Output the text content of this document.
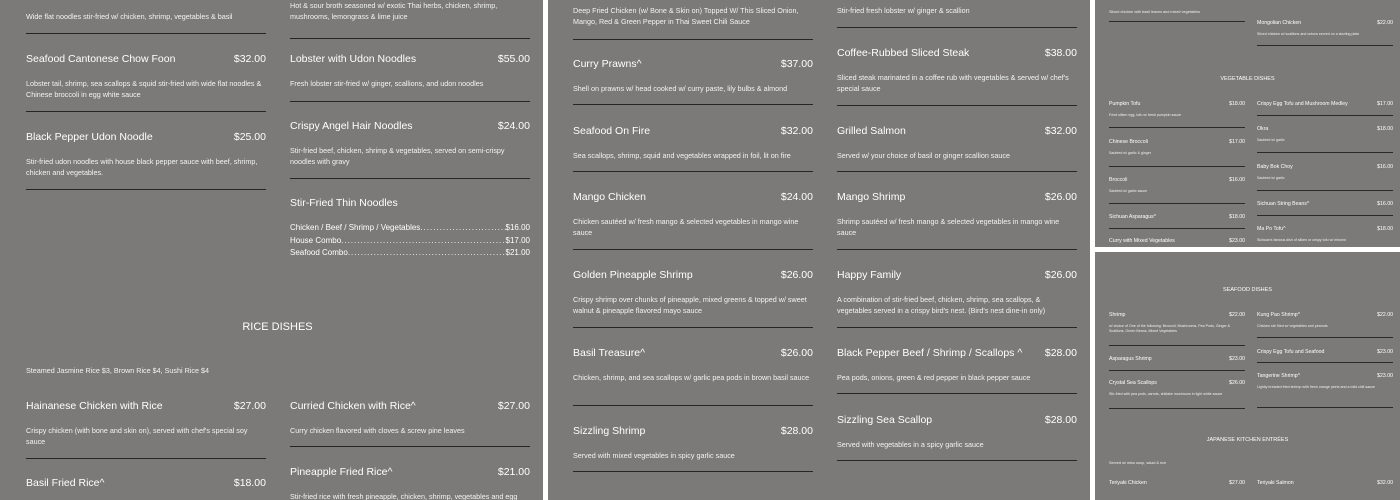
Wide flat noodles stir-fried w/ chicken, shrimp, vegetables & basil
Hot & sour broth seasoned w/ exotic Thai herbs, chicken, shrimp, mushrooms, lemongrass & lime juice
Seafood Cantonese Chow Foon	$32.00
Lobster tail, shrimp, sea scallops & squid stir-fried with wide flat noodles & Chinese broccoli in egg white sauce
Black Pepper Udon Noodle	$25.00
Stir-fried udon noodles with house black pepper sauce with beef, shrimp, chicken and vegetables.
Lobster with Udon Noodles	$55.00
Fresh lobster stir-fried w/ ginger, scallions, and udon noodles
Crispy Angel Hair Noodles	$24.00
Stir-fried beef, chicken, shrimp & vegetables, served on semi-crispy noodles with gravy
Stir-Fried Thin Noodles
Chicken / Beef / Shrimp / Vegetables .....	$16.00
House Combo .....	$17.00
Seafood Combo .....	$21.00
RICE DISHES
Steamed Jasmine Rice $3, Brown Rice $4, Sushi Rice $4
Hainanese Chicken with Rice	$27.00
Crispy chicken (with bone and skin on), served with chef's special soy sauce
Basil Fried Rice^	$18.00
Curried Chicken with Rice^	$27.00
Curry chicken flavored with cloves & screw pine leaves
Pineapple Fried Rice^	$21.00
Stir-fried rice with fresh pineapple, chicken, shrimp, vegetables and egg
Deep Fried Chicken (w/ Bone & Skin on) Topped W/ This Sliced Onion, Mango, Red & Green Pepper in Thai Sweet Chili Sauce
Stir-fried fresh lobster w/ ginger & scallion
Curry Prawns^	$37.00
Shell on prawns w/ head cooked w/ curry paste, lily bulbs & almond
Seafood On Fire	$32.00
Sea scallops, shrimp, squid and vegetables wrapped in foil, lit on fire
Mango Chicken	$24.00
Chicken sautéed w/ fresh mango & selected vegetables in mango wine sauce
Golden Pineapple Shrimp	$26.00
Crispy shrimp over chunks of pineapple, mixed greens & topped w/ sweet walnut & pineapple flavored mayo sauce
Basil Treasure^	$26.00
Chicken, shrimp, and sea scallops w/ garlic pea pods in brown basil sauce
Sizzling Shrimp	$28.00
Served with mixed vegetables in spicy garlic sauce
Coffee-Rubbed Sliced Steak	$38.00
Sliced steak marinated in a coffee rub with vegetables & served w/ chef's special sauce
Grilled Salmon	$32.00
Served w/ your choice of basil or ginger scallion sauce
Mango Shrimp	$26.00
Shrimp sautéed w/ fresh mango & selected vegetables in mango wine sauce
Happy Family	$26.00
A combination of stir-fried beef, chicken, shrimp, sea scallops, & vegetables served in a crispy bird's nest. (Bird's nest dine-in only)
Black Pepper Beef / Shrimp / Scallops ^ $28.00
Pea pods, onions, green & red pepper in black pepper sauce
Sizzling Sea Scallop	$28.00
Served with vegetables in a spicy garlic sauce
Sliced chicken with basil leaves and mixed vegetables
Mongolian Chicken	$22.00
Sliced chicken w/ scallions and onions served on a sizzling plate
VEGETABLE DISHES
Pumpkin Tofu	$18.00
Fried silken egg, tofu w/ fresh pumpkin sauce
Chinese Broccoli	$17.00
Sautéed w/ garlic & ginger
Broccoli	$16.00
Sautéed w/ garlic sauce
Sichuan Asparagus^	$18.00
Curry with Mixed Vegetables	$23.00
Crispy Egg Tofu and Mushroom Medley	$17.00
Okra	$18.00
Sautéed w/ garlic
Baby Bok Choy	$16.00
Sautéed w/ garlic
Sichuan String Beans^	$16.00
Ma Po Tofu^	$18.00
Sichuan's famous dish of silken or crispy tofu w/ minced
SEAFOOD DISHES
Shrimp	$22.00
w/ choice of One of the following: Broccoli, Mushrooms, Pea Pods, Ginger & Scallions, Green Beans, Mixed Vegetables
Asparagus Shrimp	$23.00
Crystal Sea Scallops	$26.00
Stir-fried with pea pods, carrots, shiitake mushroom in light white sauce
Kung Pao Shrimp^	$22.00
Chicken stir fried w/ vegetables and peanuts
Crispy Egg Tofu and Seafood	$23.00
Tangerine Shrimp^	$23.00
Lightly breaded fried shrimp with fresh orange peels and a mild chili sauce
JAPANESE KITCHEN ENTRÉES
Served w/ miso soup, salad & rice
Teriyaki Chicken	$27.00 Teriyaki Salmon	$32.00
